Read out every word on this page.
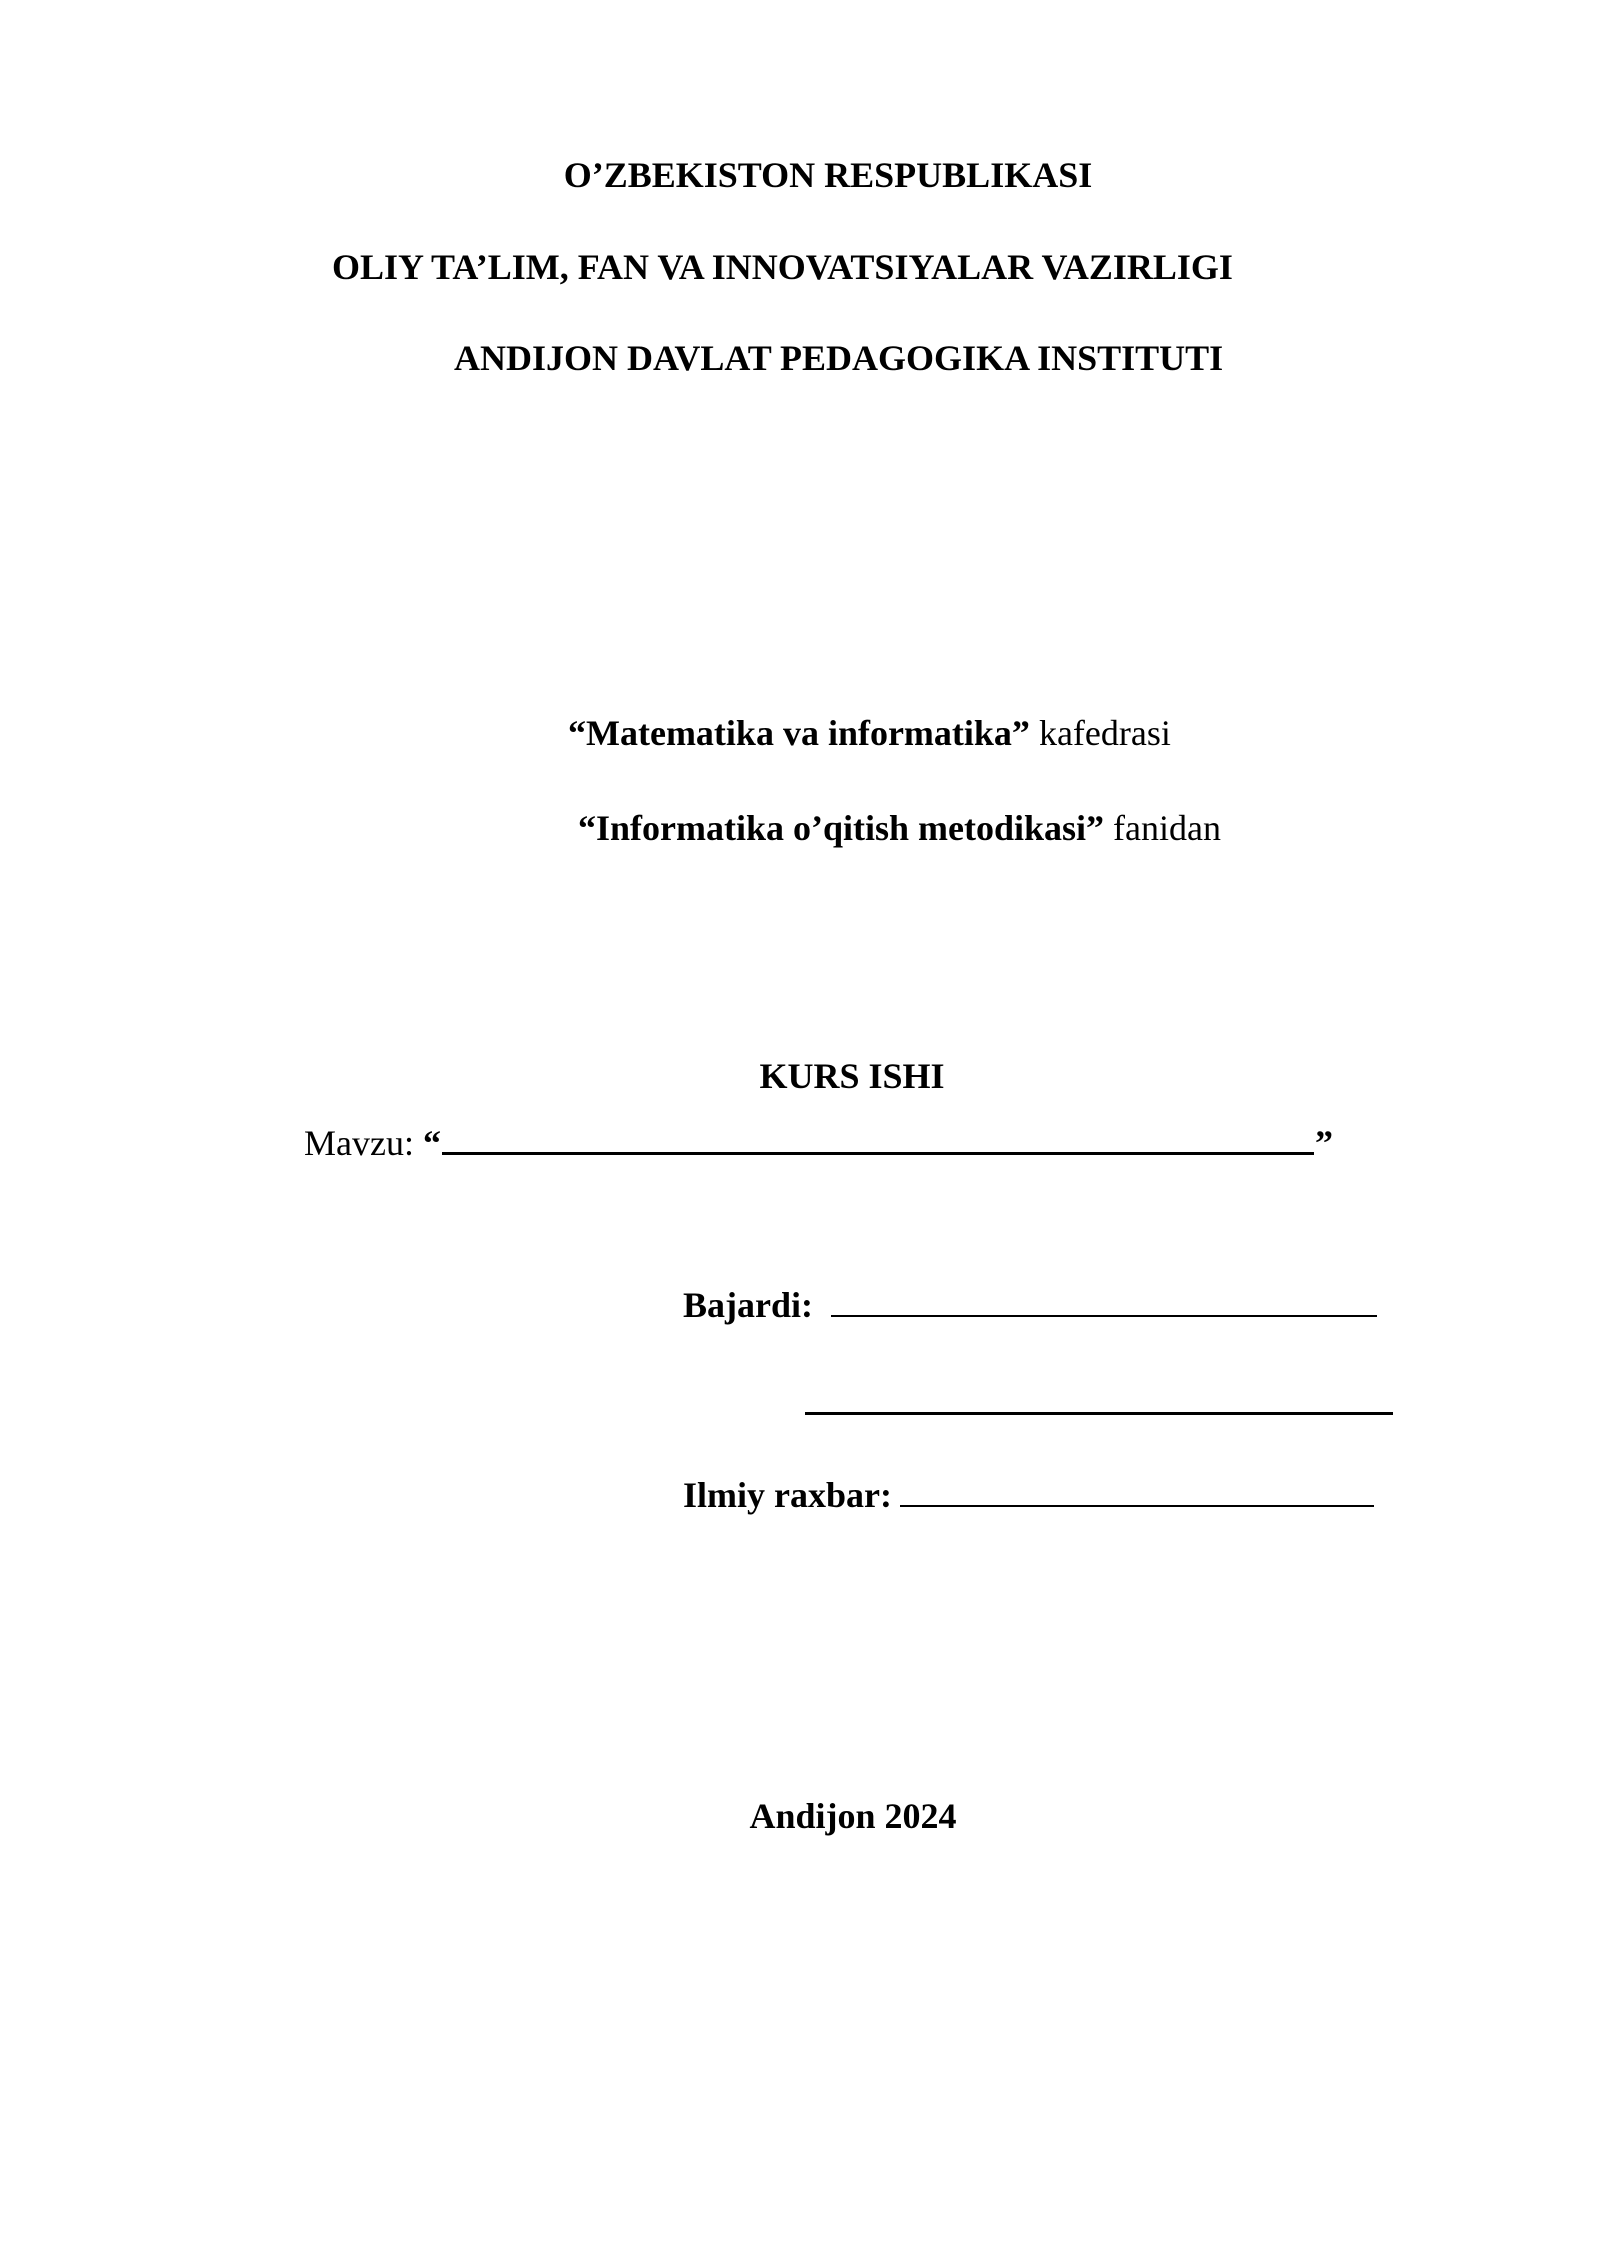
O’ZBEKISTON RESPUBLIKASI
OLIY TA’LIM, FAN VA INNOVATSIYALAR VAZIRLIGI
ANDIJON DAVLAT PEDAGOGIKA INSTITUTI
“Matematika va informatika” kafedrasi
“Informatika o’qitish metodikasi” fanidan
KURS ISHI
Mavzu: “	”
Bajardi:
Ilmiy raxbar:
Andijon 2024
